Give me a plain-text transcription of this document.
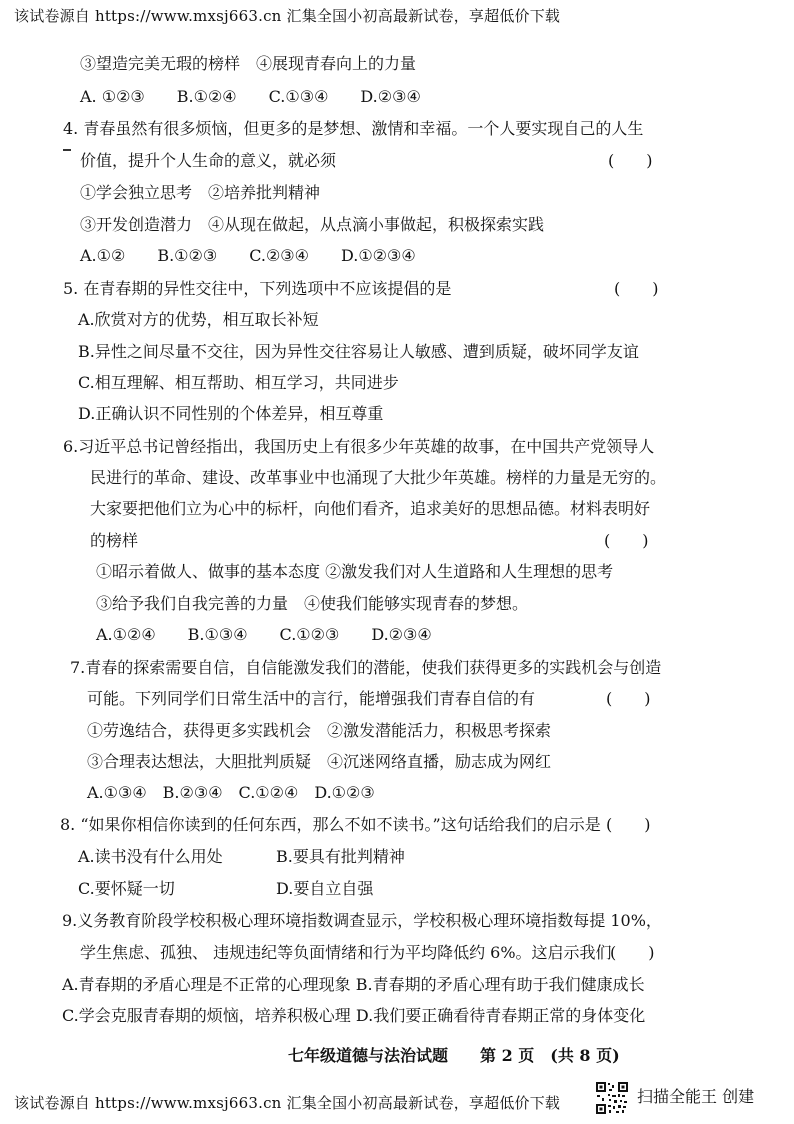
该试卷源自 https://www.mxsj663.cn 汇集全国小初高最新试卷，享超低价下载
③望造完美无瑕的榜样　④展现青春向上的力量
A. ①②③　　B.①②④　　C.①③④　　D.②③④
4. 青春虽然有很多烦恼，但更多的是梦想、激情和幸福。一个人要实现自己的人生
价值，提升个人生命的意义，就必须	(　　)
①学会独立思考　②培养批判精神
③开发创造潜力　④从现在做起，从点滴小事做起，积极探索实践
A.①②　　B.①②③　　C.②③④　　D.①②③④
5. 在青春期的异性交往中，下列选项中不应该提倡的是	(　　)
A.欣赏对方的优势，相互取长补短
B.异性之间尽量不交往，因为异性交往容易让人敏感、遭到质疑，破坏同学友谊
C.相互理解、相互帮助、相互学习，共同进步
D.正确认识不同性别的个体差异，相互尊重
6.习近平总书记曾经指出，我国历史上有很多少年英雄的故事，在中国共产党领导人
民进行的革命、建设、改革事业中也涌现了大批少年英雄。榜样的力量是无穷的。
大家要把他们立为心中的标杆，向他们看齐，追求美好的思想品德。材料表明好
的榜样	(　　)
①昭示着做人、做事的基本态度 ②激发我们对人生道路和人生理想的思考
③给予我们自我完善的力量　④使我们能够实现青春的梦想。
A.①②④　　B.①③④　　C.①②③　　D.②③④
7.青春的探索需要自信，自信能激发我们的潜能，使我们获得更多的实践机会与创造
可能。下列同学们日常生活中的言行，能增强我们青春自信的有	(　　)
①劳逸结合，获得更多实践机会　②激发潜能活力，积极思考探索
③合理表达想法，大胆批判质疑　④沉迷网络直播，励志成为网红
A.①③④　B.②③④　C.①②④　D.①②③
8. “如果你相信你读到的任何东西，那么不如不读书。”这句话给我们的启示是 (　　)
A.读书没有什么用处	B.要具有批判精神
C.要怀疑一切	D.要自立自强
9.义务教育阶段学校积极心理环境指数调查显示，学校积极心理环境指数每提 10%，
学生焦虑、孤独、 违规违纪等负面情绪和行为平均降低约 6%。这启示我们
(　　)
A.青春期的矛盾心理是不正常的心理现象 B.青春期的矛盾心理有助于我们健康成长
C.学会克服青春期的烦恼，培养积极心理 D.我们要正确看待青春期正常的身体变化
七年级道德与法治试题　　第 2 页　(共 8 页)
该试卷源自 https://www.mxsj663.cn 汇集全国小初高最新试卷，享超低价下载	扫描全能王 创建
